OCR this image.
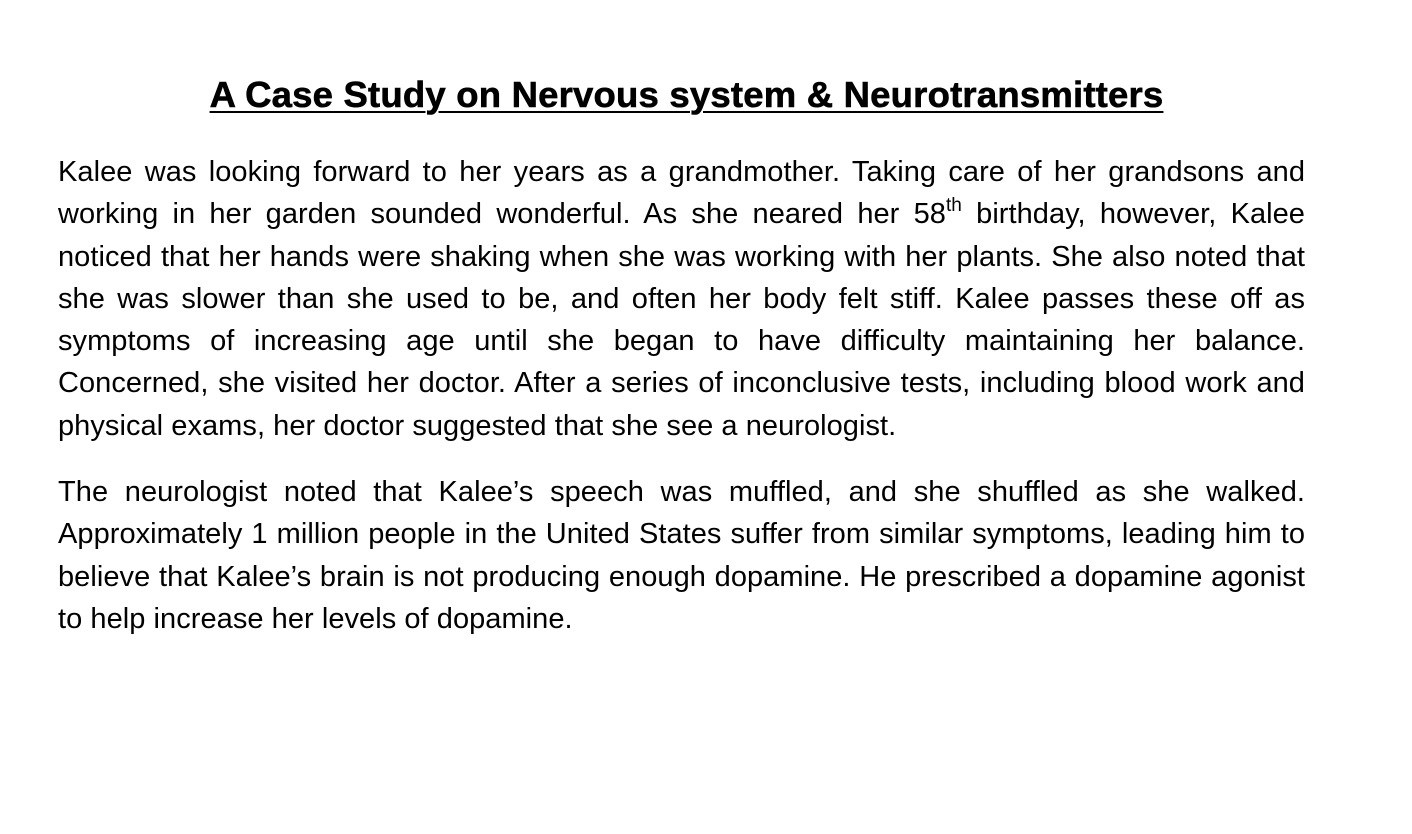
A Case Study on Nervous system & Neurotransmitters

Kalee was looking forward to her years as a grandmother. Taking care of her grandsons and working in her garden sounded wonderful. As she neared her 58th birthday, however, Kalee noticed that her hands were shaking when she was working with her plants. She also noted that she was slower than she used to be, and often her body felt stiff. Kalee passes these off as symptoms of increasing age until she began to have difficulty maintaining her balance. Concerned, she visited her doctor. After a series of inconclusive tests, including blood work and physical exams, her doctor suggested that she see a neurologist.

The neurologist noted that Kalee’s speech was muffled, and she shuffled as she walked. Approximately 1 million people in the United States suffer from similar symptoms, leading him to believe that Kalee’s brain is not producing enough dopamine. He prescribed a dopamine agonist to help increase her levels of dopamine.
